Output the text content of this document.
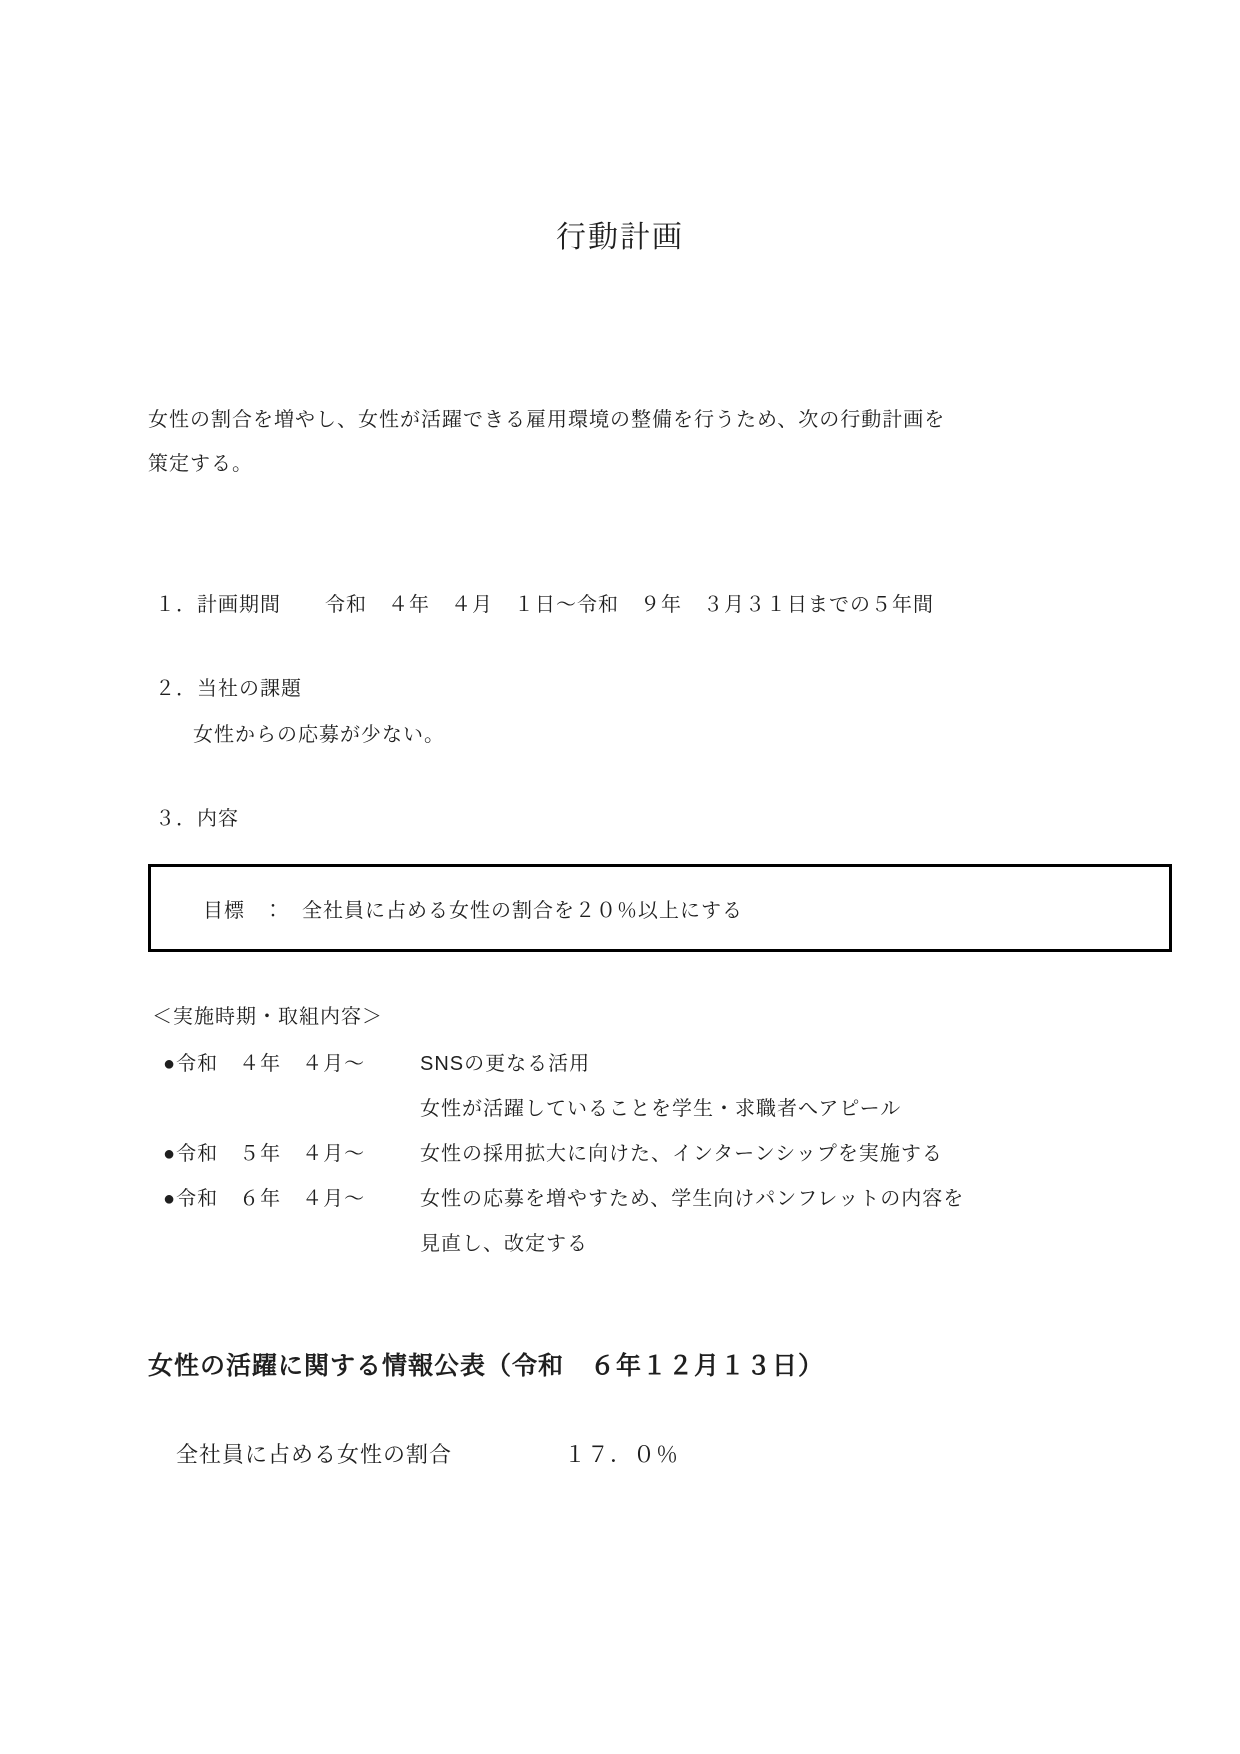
行動計画
女性の割合を増やし、女性が活躍できる雇用環境の整備を行うため、次の行動計画を
策定する。
１．計画期間 令和　４年　４月　１日～令和　９年　３月３１日までの５年間
２．当社の課題
女性からの応募が少ない。
３．内容
目標 ： 全社員に占める女性の割合を２０％以上にする
＜実施時期・取組内容＞
●令和　４年　４月～	SNSの更なる活用
女性が活躍していることを学生・求職者へアピール
●令和　５年　４月～	女性の採用拡大に向けた、インターンシップを実施する
●令和　６年　４月～	女性の応募を増やすため、学生向けパンフレットの内容を
見直し、改定する
女性の活躍に関する情報公表（令和　６年１２月１３日）
全社員に占める女性の割合	１７．０％
